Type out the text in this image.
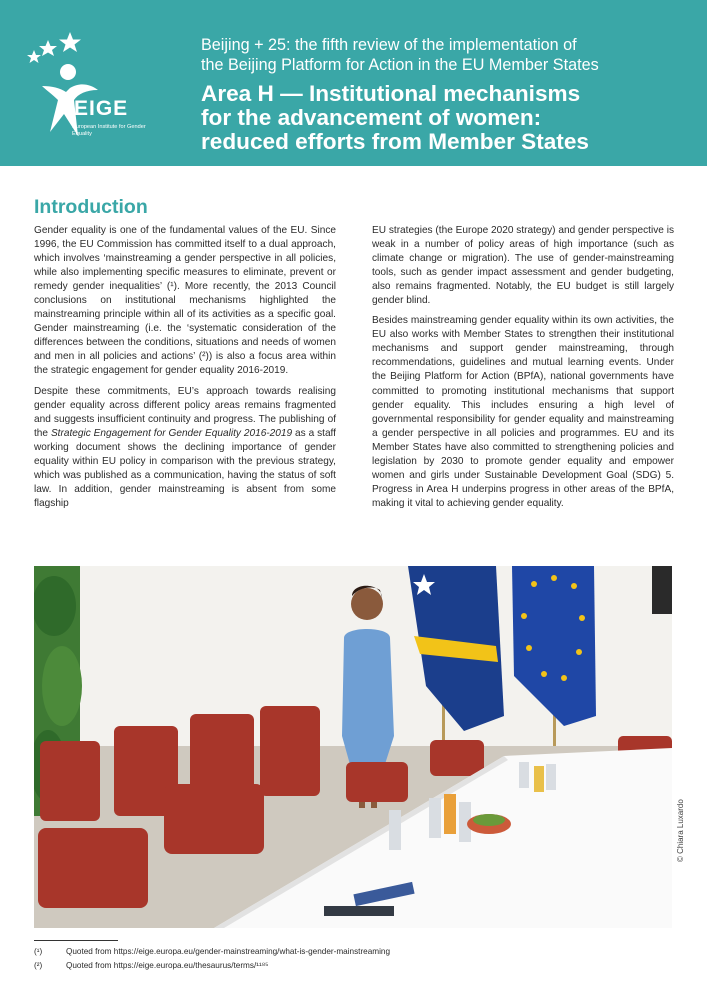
EIGE
European Institute for Gender Equality
Beijing + 25: the fifth review of the implementation of
the Beijing Platform for Action in the EU Member States
Area H — Institutional mechanisms
for the advancement of women:
reduced efforts from Member States
Introduction

Gender equality is one of the fundamental values of the EU. Since 1996, the EU Commission has committed itself to a dual approach, which involves ‘mainstreaming a gender perspective in all policies, while also implementing specific measures to eliminate, prevent or remedy gender inequalities’ (¹). More recently, the 2013 Council conclusions on institutional mechanisms highlighted the mainstreaming principle within all of its activities as a specific goal. Gender mainstreaming (i.e. the ‘systematic consideration of the differences between the conditions, situations and needs of women and men in all policies and actions’ (²)) is also a focus area within the strategic engagement for gender equality 2016-2019.

Despite these commitments, EU’s approach towards realising gender equality across different policy areas remains fragmented and suggests insufficient continuity and progress. The publishing of the Strategic Engagement for Gender Equality 2016-2019 as a staff working document shows the declining importance of gender equality within EU policy in comparison with the previous strategy, which was published as a communication, having the status of soft law. In addition, gender mainstreaming is absent from some flagship

EU strategies (the Europe 2020 strategy) and gender perspective is weak in a number of policy areas of high importance (such as climate change or migration). The use of gender-mainstreaming tools, such as gender impact assessment and gender budgeting, also remains fragmented. Notably, the EU budget is still largely gender blind.

Besides mainstreaming gender equality within its own activities, the EU also works with Member States to strengthen their institutional mechanisms and support gender mainstreaming, through recommendations, guidelines and mutual learning events. Under the Beijing Platform for Action (BPfA), national governments have committed to promoting institutional mechanisms that support gender equality. This includes ensuring a high level of governmental responsibility for gender equality and mainstreaming a gender perspective in all policies and programmes. EU and its Member States have also committed to strengthening policies and legislation by 2030 to promote gender equality and empower women and girls under Sustainable Development Goal (SDG) 5. Progress in Area H underpins progress in other areas of the BPfA, making it vital to achieving gender equality.

© Chiara Luxardo
(¹)	Quoted from https://eige.europa.eu/gender-mainstreaming/what-is-gender-mainstreaming
(²)	Quoted from https://eige.europa.eu/thesaurus/terms/¹¹⁸⁵
